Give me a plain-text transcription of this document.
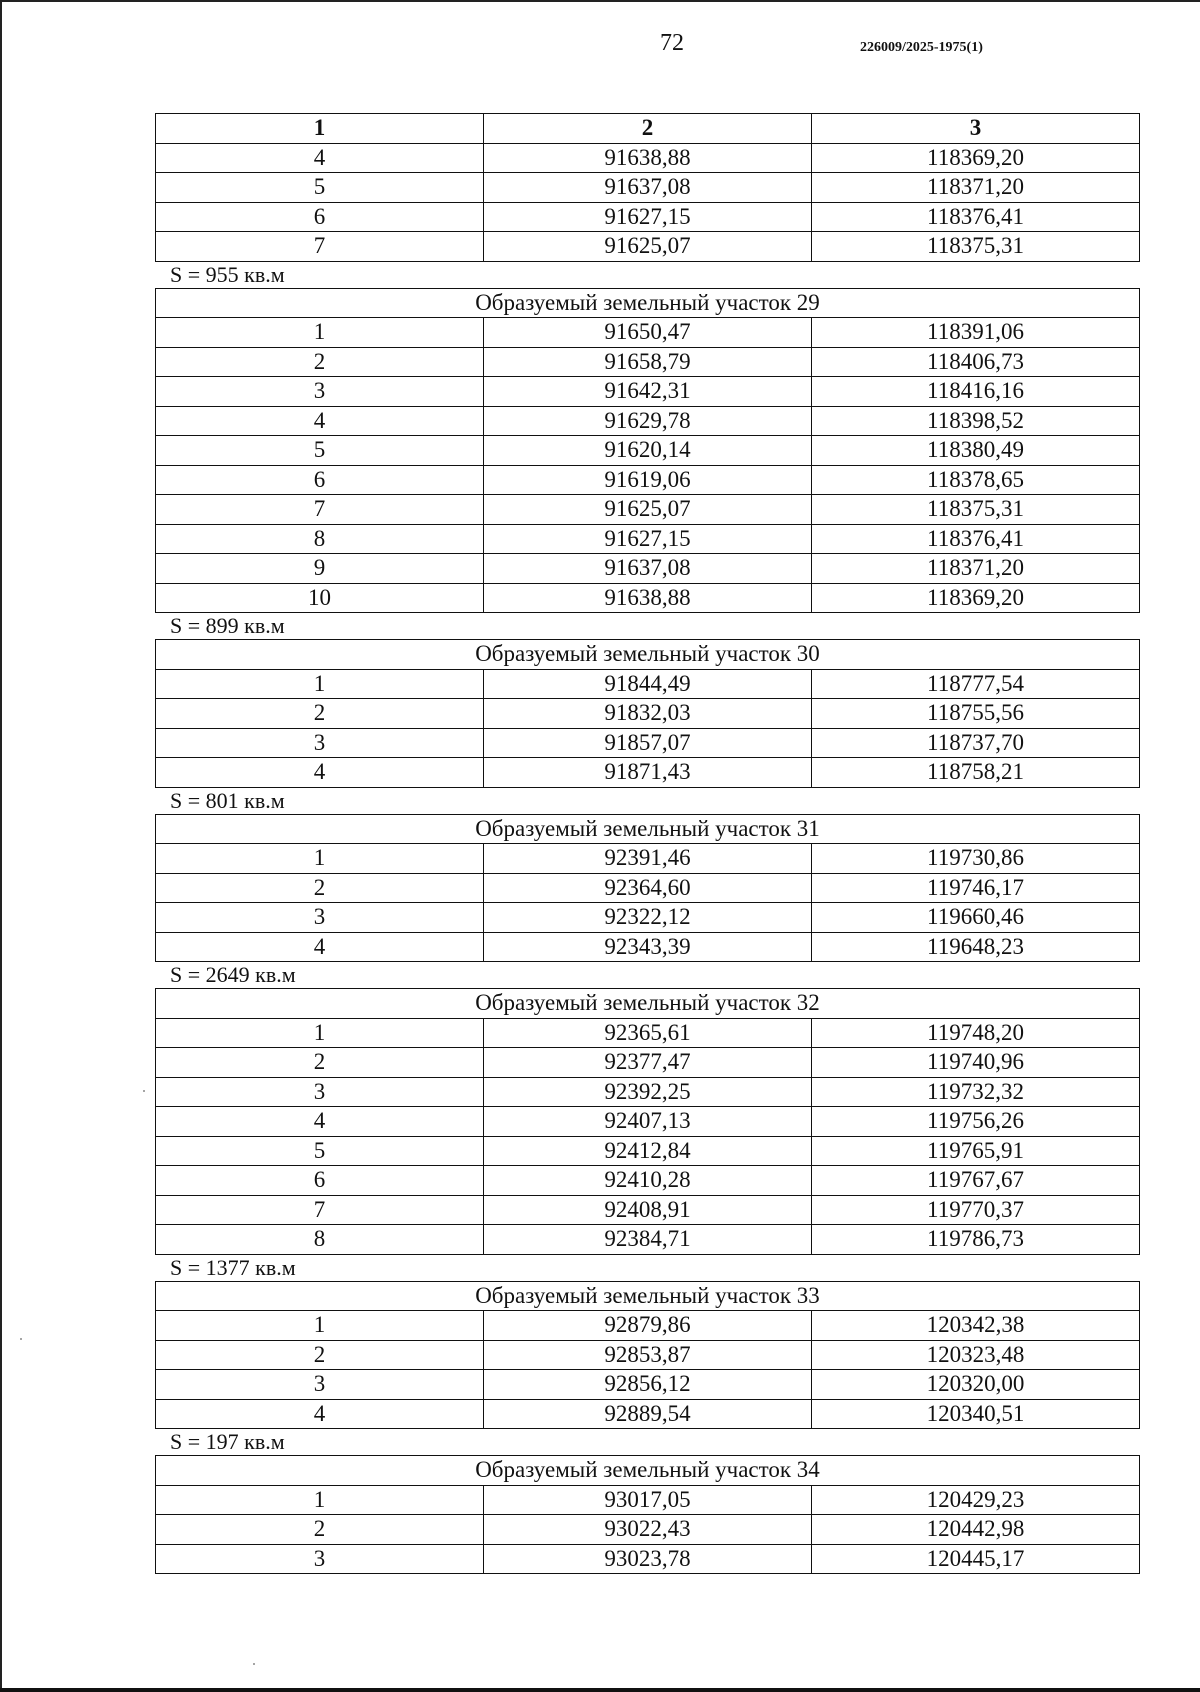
72	226009/2025-1975(1)
1	2	3
4	91638,88	118369,20
5	91637,08	118371,20
6	91627,15	118376,41
7	91625,07	118375,31
S = 955 кв.м
Образуемый земельный участок 29		
1	91650,47	118391,06
2	91658,79	118406,73
3	91642,31	118416,16
4	91629,78	118398,52
5	91620,14	118380,49
6	91619,06	118378,65
7	91625,07	118375,31
8	91627,15	118376,41
9	91637,08	118371,20
10	91638,88	118369,20
S = 899 кв.м
Образуемый земельный участок 30		
1	91844,49	118777,54
2	91832,03	118755,56
3	91857,07	118737,70
4	91871,43	118758,21
S = 801 кв.м
Образуемый земельный участок 31		
1	92391,46	119730,86
2	92364,60	119746,17
3	92322,12	119660,46
4	92343,39	119648,23
S = 2649 кв.м
Образуемый земельный участок 32		
1	92365,61	119748,20
2	92377,47	119740,96
3	92392,25	119732,32
4	92407,13	119756,26
5	92412,84	119765,91
6	92410,28	119767,67
7	92408,91	119770,37
8	92384,71	119786,73
S = 1377 кв.м
Образуемый земельный участок 33		
1	92879,86	120342,38
2	92853,87	120323,48
3	92856,12	120320,00
4	92889,54	120340,51
S = 197 кв.м
Образуемый земельный участок 34		
1	93017,05	120429,23
2	93022,43	120442,98
3	93023,78	120445,17
